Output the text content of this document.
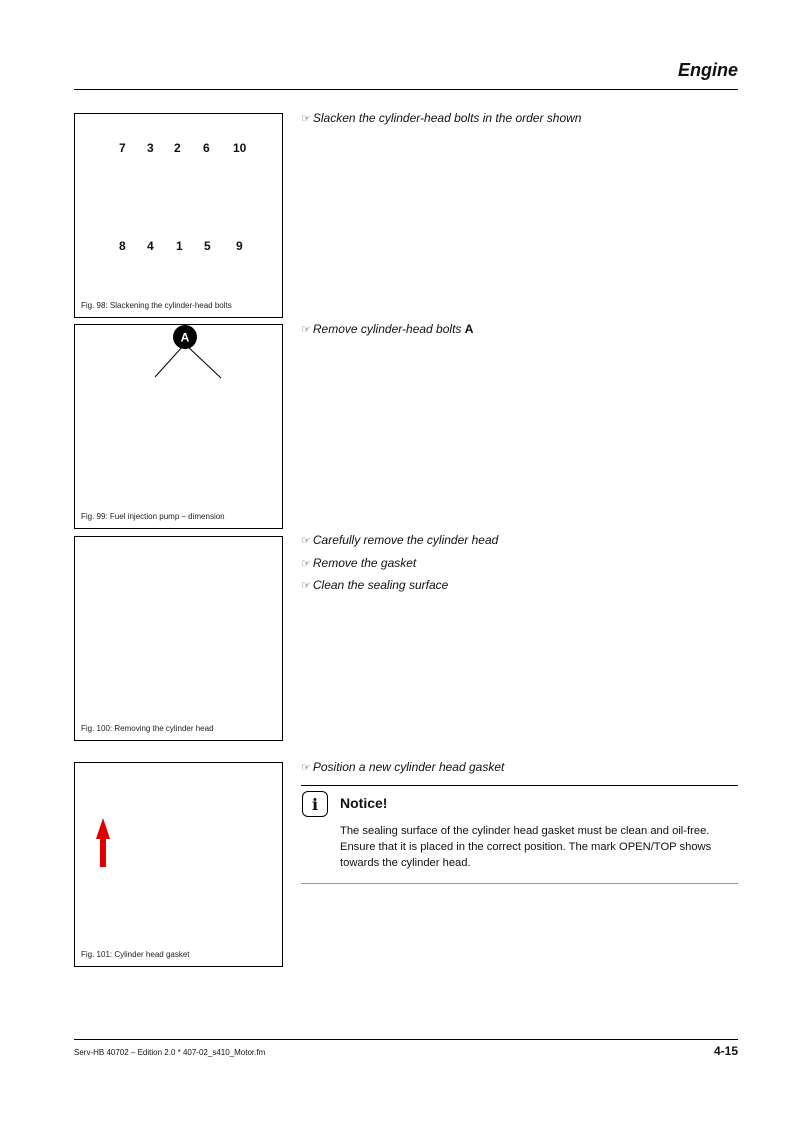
Engine
7 3 2 6 10
8 4 1 5 9
Fig. 98: Slackening the cylinder-head bolts
A
Fig. 99: Fuel injection pump – dimension
Fig. 100: Removing the cylinder head
Fig. 101: Cylinder head gasket
☞ Slacken the cylinder-head bolts in the order shown
☞ Remove cylinder-head bolts A
☞ Carefully remove the cylinder head
☞ Remove the gasket
☞ Clean the sealing surface
☞ Position a new cylinder head gasket
i	Notice!
The sealing surface of the cylinder head gasket must be clean and oil-free. Ensure that it is placed in the correct position. The mark OPEN/TOP shows towards the cylinder head.
Serv-HB 40702 – Edition 2.0 * 407-02_s410_Motor.fm	4-15
